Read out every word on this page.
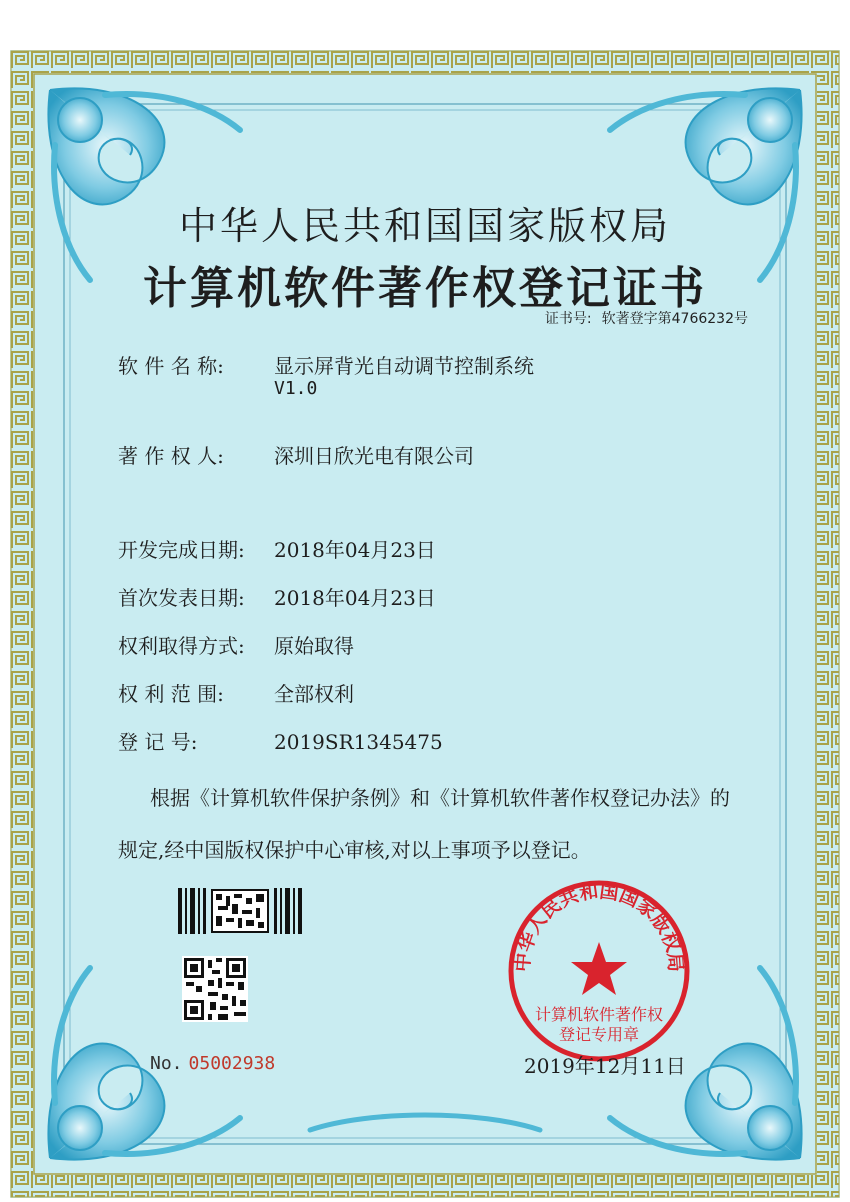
中华人民共和国国家版权局
计算机软件著作权登记证书
证书号: 软著登字第4766232号
软 件 名 称:	显示屏背光自动调节控制系统
V1.0
著 作 权 人:	深圳日欣光电有限公司
开发完成日期: 2018年04月23日
首次发表日期: 2018年04月23日
权利取得方式: 原始取得
权 利 范 围:	全部权利
登 记 号:	2019SR1345475
根据《计算机软件保护条例》和《计算机软件著作权登记办法》的
规定,经中国版权保护中心审核,对以上事项予以登记。
No. 05002938
中华人民共和国国家版权局
计算机软件著作权
登记专用章
2019年12月11日
